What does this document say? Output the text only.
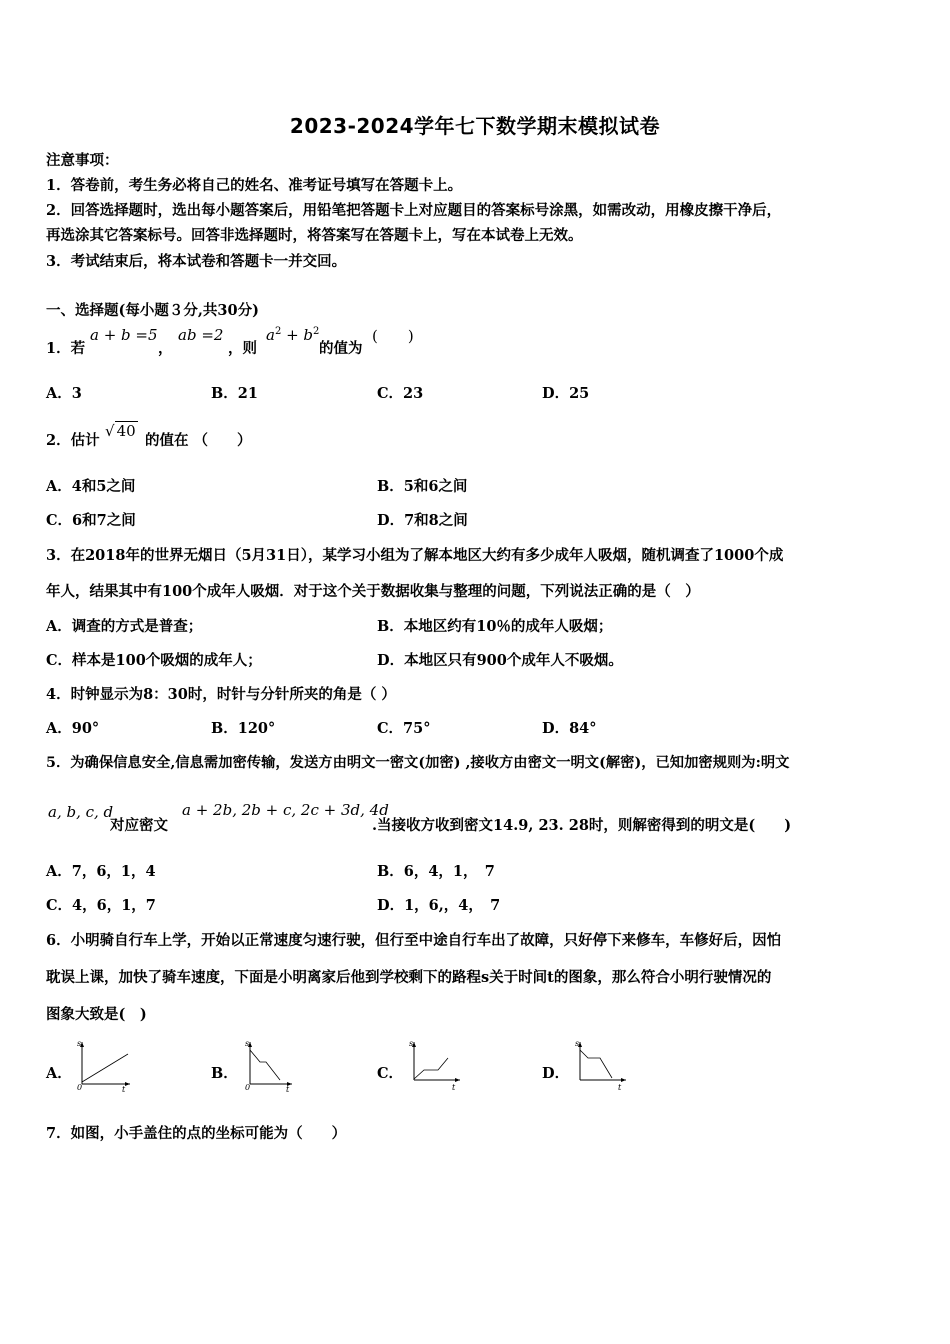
2023-2024学年七下数学期末模拟试卷
注意事项：
1．答卷前，考生务必将自己的姓名、准考证号填写在答题卡上。
2．回答选择题时，选出每小题答案后，用铅笔把答题卡上对应题目的答案标号涂黑，如需改动，用橡皮擦干净后，
再选涂其它答案标号。回答非选择题时，将答案写在答题卡上，写在本试卷上无效。
3．考试结束后，将本试卷和答题卡一并交回。
一、选择题(每小题３分,共30分)
1．若
a + b =5
，
ab =2
，则
$a^2 + b^2$
的值为
(　　)
A．3	B．21	C．23	D．25
2．估计
√ 40
的值在 （　　）
A．4和5之间	B．5和6之间
C．6和7之间	D．7和8之间
3．在2018年的世界无烟日（5月31日），某学习小组为了解本地区大约有多少成年人吸烟，随机调查了1000个成
年人，结果其中有100个成年人吸烟．对于这个关于数据收集与整理的问题，下列说法正确的是（　）
A．调查的方式是普查；	B．本地区约有10％的成年人吸烟；
C．样本是100个吸烟的成年人；	D．本地区只有900个成年人不吸烟。
4．时钟显示为8：30时，时针与分针所夹的角是（ ）
A．90°	B．120°	C．75°	D．84°
5．为确保信息安全,信息需加密传输，发送方由明文一密文(加密) ,接收方由密文一明文(解密)，已知加密规则为:明文
a, b, c, d
对应密文
a + 2b, 2b + c, 2c + 3d, 4d
.当接收方收到密文14.9, 23. 28时，则解密得到的明文是(　　)
A．7，6，1，4	B．6，4，1，　7
C．4，6，1，7	D．1，6,，4，　7
6．小明骑自行车上学，开始以正常速度匀速行驶，但行至中途自行车出了故障，只好停下来修车，车修好后，因怕
耽误上课，加快了骑车速度，下面是小明离家后他到学校剩下的路程s关于时间t的图象，那么符合小明行驶情况的
图象大致是(　)
A．
s
0	t
B．
s
0	t
C．
s
t
D．
s
t
7．如图，小手盖住的点的坐标可能为（　　）
